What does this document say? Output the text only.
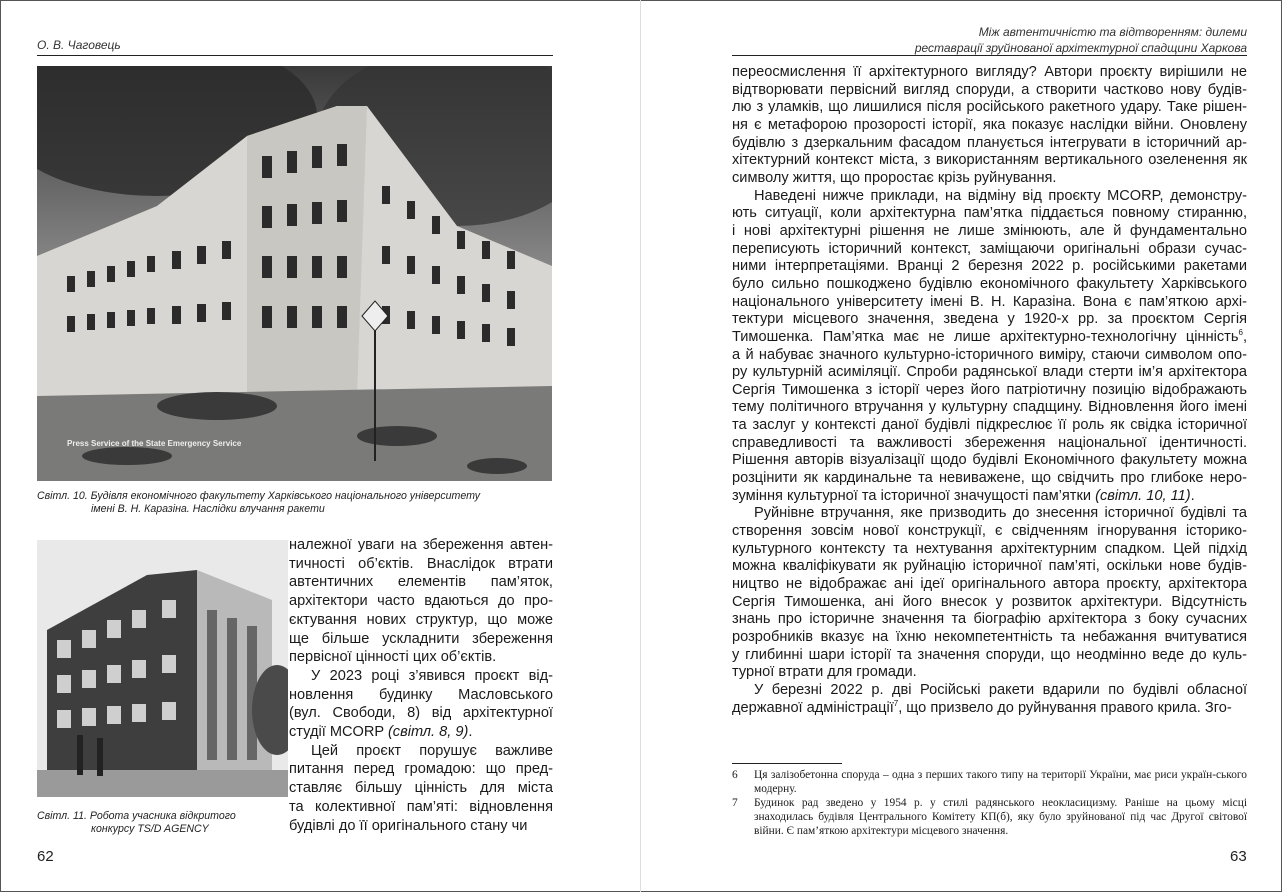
О. В. Чаговець
Press Service of the State Emergency Service
Світл. 10. Будівля економічного факультету Харківського національного університету
імені В. Н. Каразіна. Наслідки влучання ракети
Світл. 11. Робота учасника відкритого
конкурсу TS/D AGENCY
належної уваги на збереження автен-
тичності об’єктів. Внаслідок втрати
автентичних елементів пам’яток,
архітектори часто вдаються до про-
єктування нових структур, що може
ще більше ускладнити збереження
первісної цінності цих об’єктів.
У 2023 році з’явився проєкт від-
новлення будинку Масловського
(вул. Свободи, 8) від архітектурної
студії MCORP (світл. 8, 9).
Цей проєкт порушує важливе
питання перед громадою: що пред-
ставляє більшу цінність для міста
та колективної пам’яті: відновлення
будівлі до її оригінального стану чи
62
Між автентичністю та відтворенням: дилеми
реставрації зруйнованої архітектурної спадщини Харкова
переосмислення її архітектурного вигляду? Автори проєкту вирішили не
відтворювати первісний вигляд споруди, а створити частково нову будів-
лю з уламків, що лишилися після російського ракетного удару. Таке рішен-
ня є метафорою прозорості історії, яка показує наслідки війни. Оновлену
будівлю з дзеркальним фасадом планується інтегрувати в історичний ар-
хітектурний контекст міста, з використанням вертикального озеленення як
символу життя, що проростає крізь руйнування.
Наведені нижче приклади, на відміну від проєкту MCORP, демонстру-
ють ситуації, коли архітектурна пам’ятка піддається повному стиранню,
і нові архітектурні рішення не лише змінюють, але й фундаментально
переписують історичний контекст, заміщаючи оригінальні образи сучас-
ними інтерпретаціями. Вранці 2 березня 2022 р. російськими ракетами
було сильно пошкоджено будівлю економічного факультету Харківського
національного університету імені В. Н. Каразіна. Вона є пам’яткою архі-
тектури місцевого значення, зведена у 1920-х рр. за проєктом Сергія
Тимошенка. Пам’ятка має не лише архітектурно-технологічну цінність$^6$,
а й набуває значного культурно-історичного виміру, стаючи символом опо-
ру культурній асиміляції. Спроби радянської влади стерти ім’я архітектора
Сергія Тимошенка з історії через його патріотичну позицію відображають
тему політичного втручання у культурну спадщину. Відновлення його імені
та заслуг у контексті даної будівлі підкреслює її роль як свідка історичної
справедливості та важливості збереження національної ідентичності.
Рішення авторів візуалізації щодо будівлі Економічного факультету можна
розцінити як кардинальне та невиважене, що свідчить про глибоке неро-
зуміння культурної та історичної значущості пам’ятки (світл. 10, 11).
Руйнівне втручання, яке призводить до знесення історичної будівлі та
створення зовсім нової конструкції, є свідченням ігнорування історико-
культурного контексту та нехтування архітектурним спадком. Цей підхід
можна кваліфікувати як руйнацію історичної пам’яті, оскільки нове будів-
ництво не відображає ані ідеї оригінального автора проєкту, архітектора
Сергія Тимошенка, ані його внесок у розвиток архітектури. Відсутність
знань про історичне значення та біографію архітектора з боку сучасних
розробників вказує на їхню некомпетентність та небажання вчитуватися
у глибинні шари історії та значення споруди, що неодмінно веде до куль-
турної втрати для громади.
У березні 2022 р. дві Російські ракети вдарили по будівлі обласної
державної адміністрації$^7$, що призвело до руйнування правого крила. Зго-
6	Ця залізобетонна споруда – одна з перших такого типу на території України, має риси україн-ського модерну.
7	Будинок рад зведено у 1954 р. у стилі радянського неокласицизму. Раніше на цьому місці знаходилась будівля Центрального Комітету КП(б), яку було зруйнованої під час Другої світової війни. Є пам’яткою архітектури місцевого значення.
63
